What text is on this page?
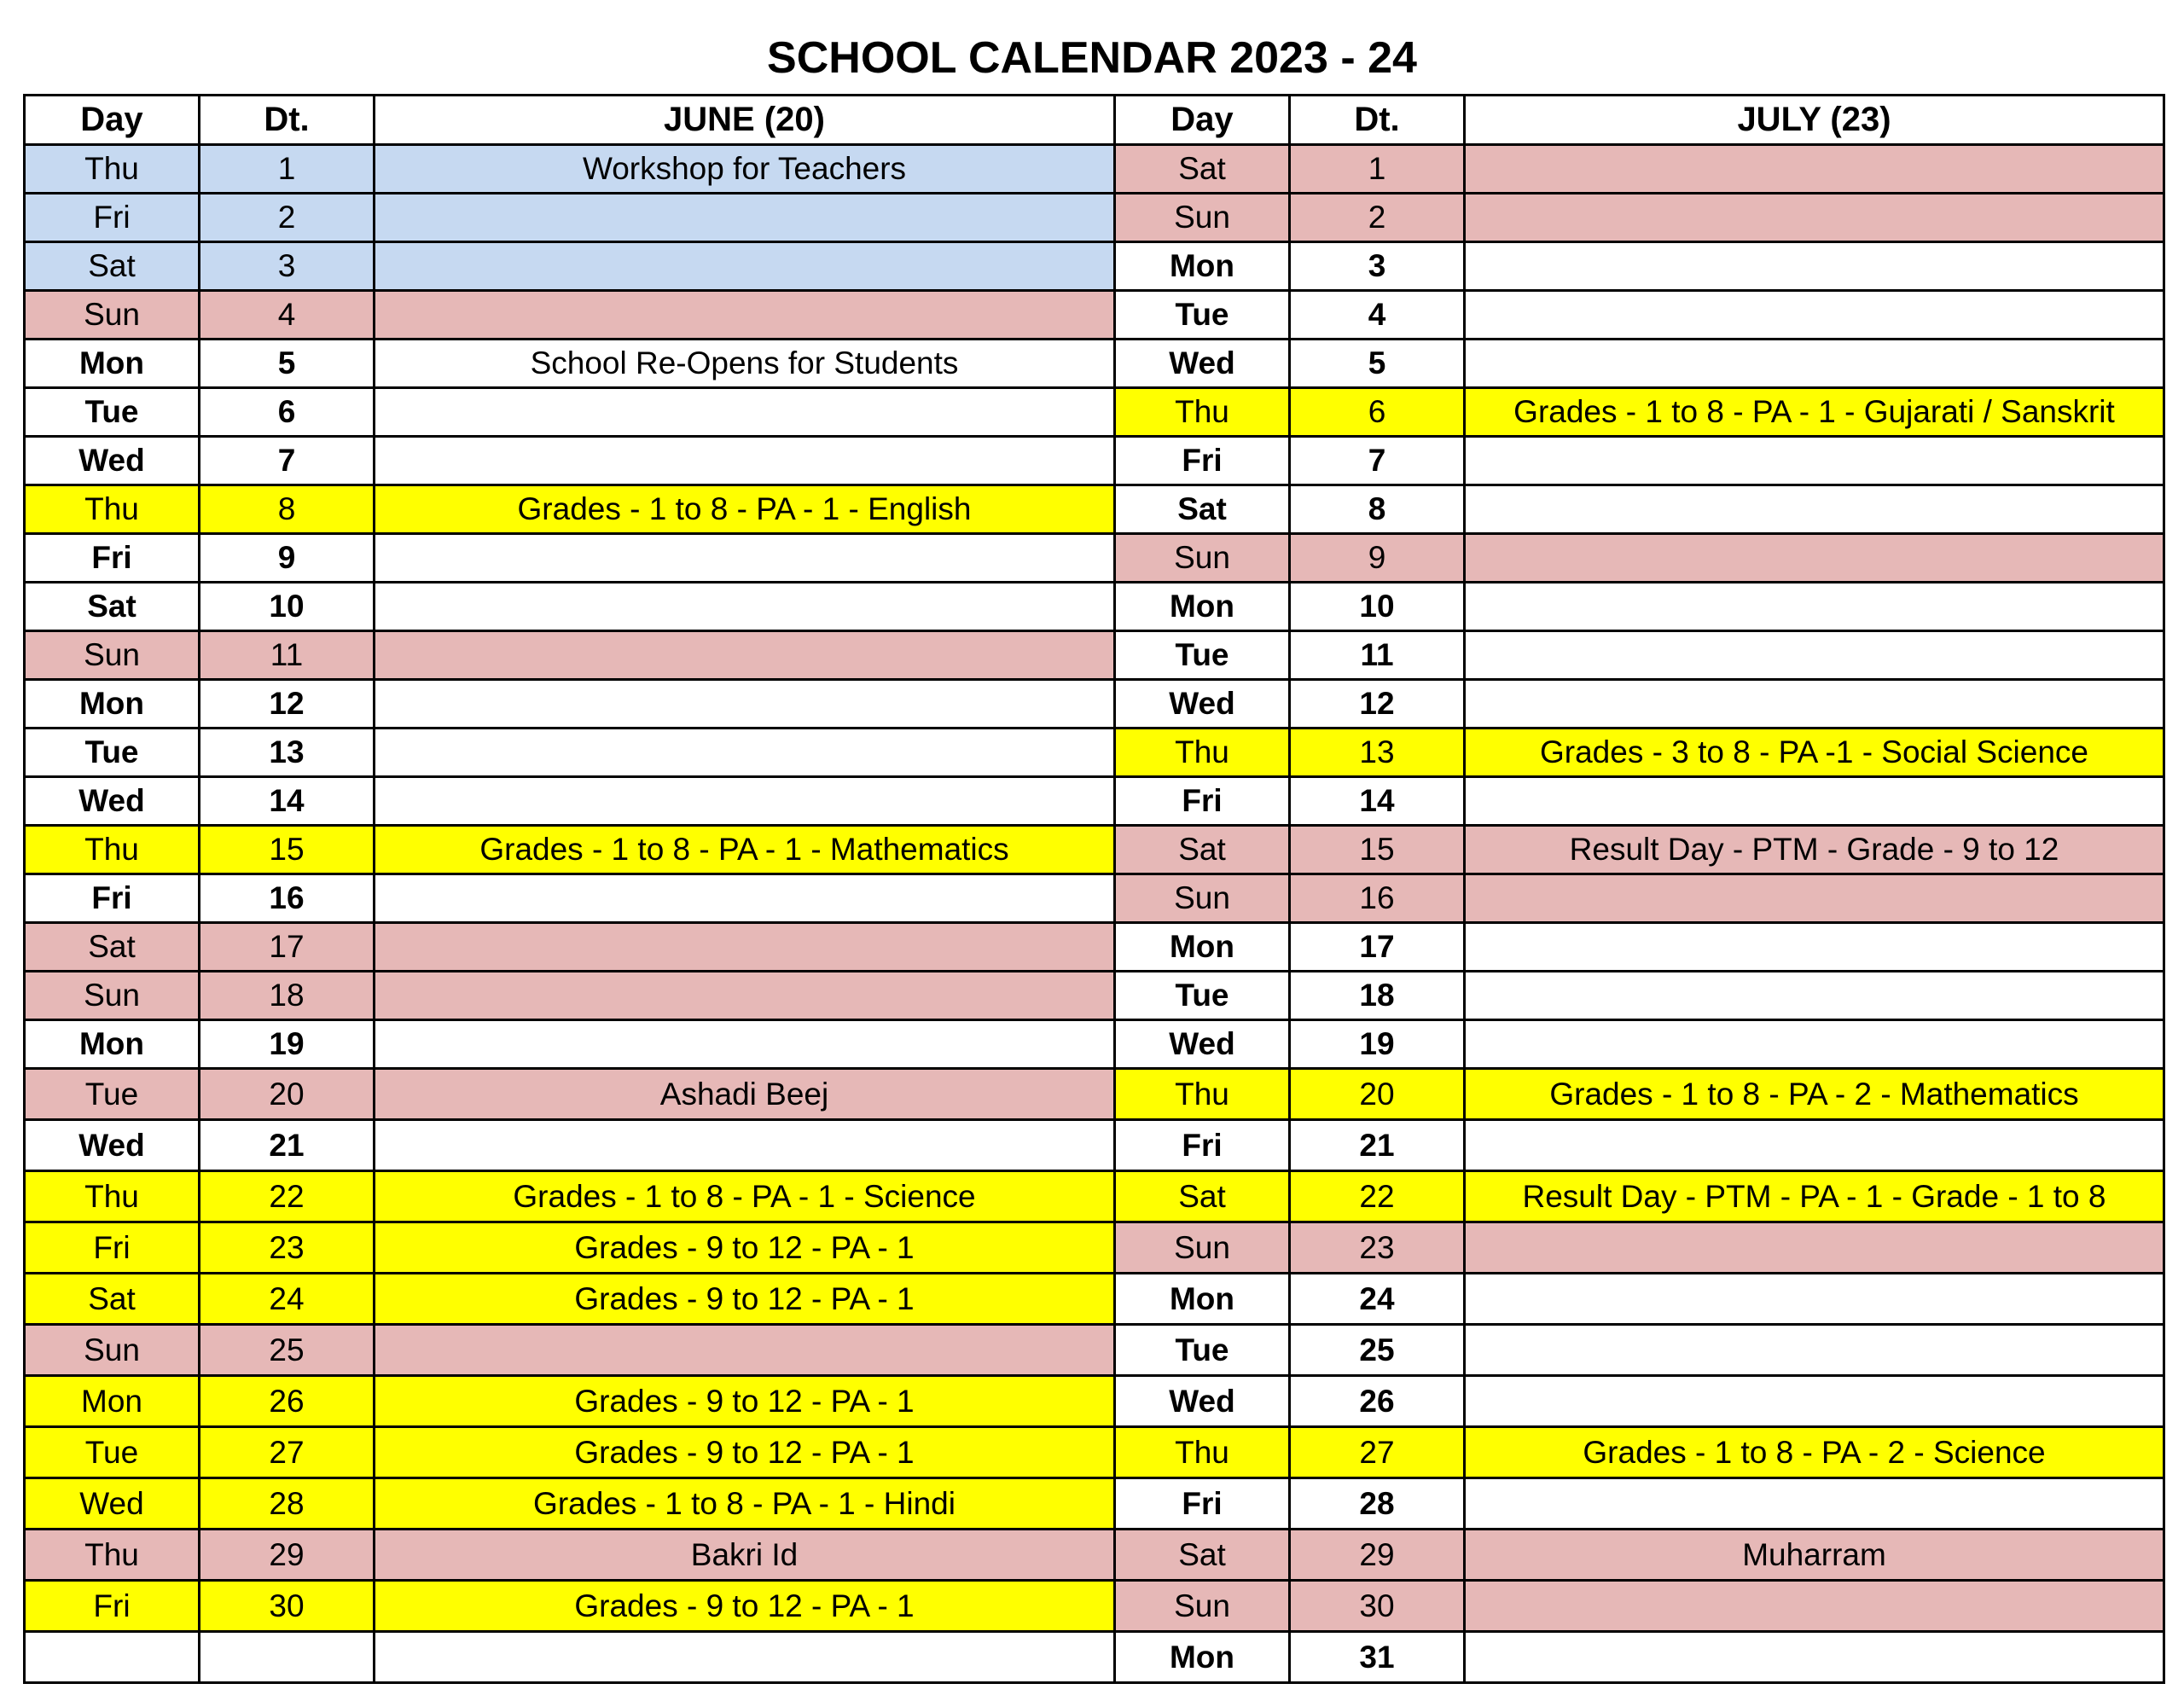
SCHOOL CALENDAR 2023 - 24
Day	Dt.	JUNE (20)	Day	Dt.	JULY (23)
Thu	1	Workshop for Teachers	Sat	1	
Fri	2		Sun	2	
Sat	3		Mon	3	
Sun	4		Tue	4	
Mon	5	School Re-Opens for Students	Wed	5	
Tue	6		Thu	6	Grades - 1 to 8 - PA - 1 - Gujarati / Sanskrit
Wed	7		Fri	7	
Thu	8	Grades - 1 to 8 - PA - 1 - English	Sat	8	
Fri	9		Sun	9	
Sat	10		Mon	10	
Sun	11		Tue	11	
Mon	12		Wed	12	
Tue	13		Thu	13	Grades - 3 to 8 - PA -1 - Social Science
Wed	14		Fri	14	
Thu	15	Grades - 1 to 8 - PA - 1 - Mathematics	Sat	15	Result Day - PTM - Grade - 9 to 12
Fri	16		Sun	16	
Sat	17		Mon	17	
Sun	18		Tue	18	
Mon	19		Wed	19	
Tue	20	Ashadi Beej	Thu	20	Grades - 1 to 8 - PA - 2 - Mathematics
Wed	21		Fri	21	
Thu	22	Grades - 1 to 8 - PA - 1 - Science	Sat	22	Result Day - PTM - PA - 1 - Grade - 1 to 8
Fri	23	Grades - 9 to 12 - PA - 1	Sun	23	
Sat	24	Grades - 9 to 12 - PA - 1	Mon	24	
Sun	25		Tue	25	
Mon	26	Grades - 9 to 12 - PA - 1	Wed	26	
Tue	27	Grades - 9 to 12 - PA - 1	Thu	27	Grades - 1 to 8 - PA - 2 - Science
Wed	28	Grades - 1 to 8 - PA - 1 - Hindi	Fri	28	
Thu	29	Bakri Id	Sat	29	Muharram
Fri	30	Grades - 9 to 12 - PA - 1	Sun	30	
			Mon	31	
